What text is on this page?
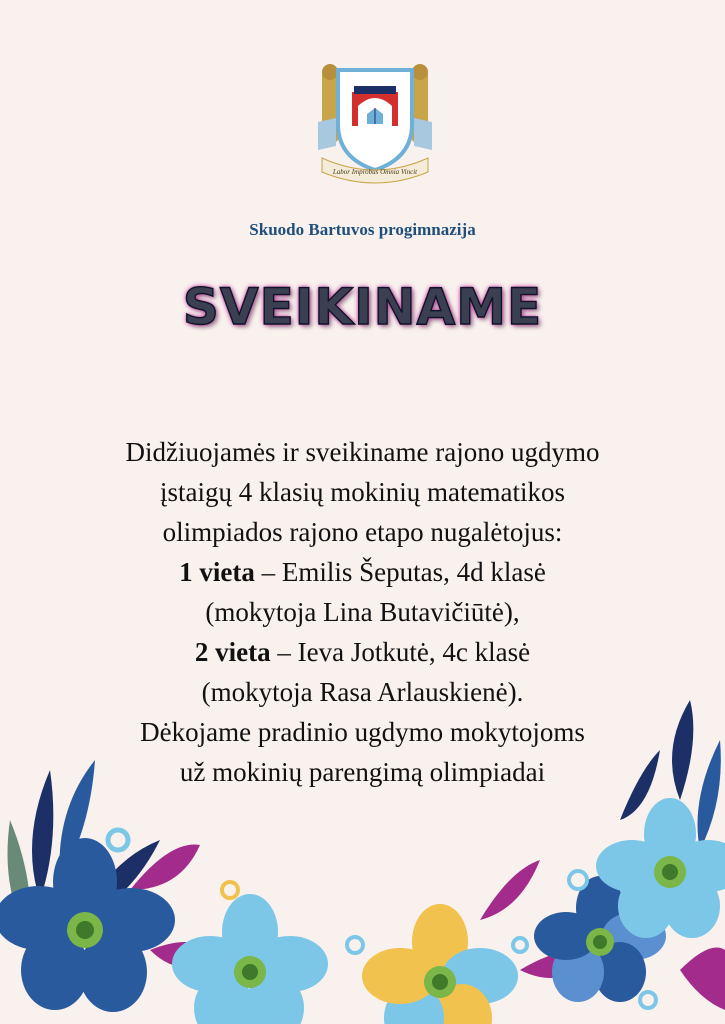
Labor Improbus Omnia Vincit
Skuodo Bartuvos progimnazija
SVEIKINAME
Didžiuojamės ir sveikiname rajono ugdymo
įstaigų 4 klasių mokinių matematikos
olimpiados rajono etapo nugalėtojus:
1 vieta – Emilis Šeputas, 4d klasė
(mokytoja Lina Butavičiūtė),
2 vieta – Ieva Jotkutė, 4c klasė
(mokytoja Rasa Arlauskienė).
Dėkojame pradinio ugdymo mokytojoms
už mokinių parengimą olimpiadai
